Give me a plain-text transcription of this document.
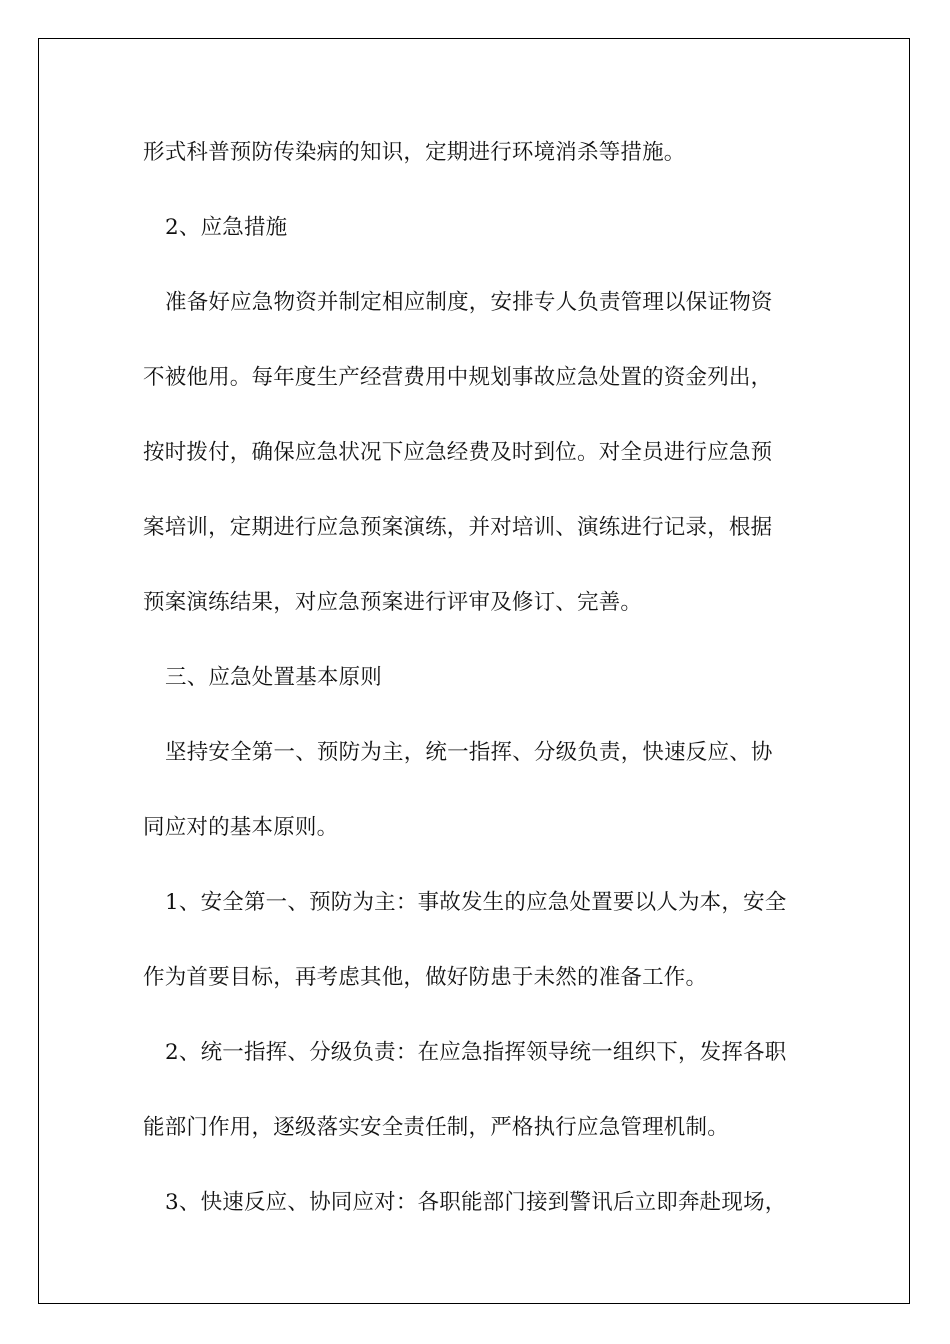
形式科普预防传染病的知识，定期进行环境消杀等措施。
2、应急措施
准备好应急物资并制定相应制度，安排专人负责管理以保证物资
不被他用。每年度生产经营费用中规划事故应急处置的资金列出，
按时拨付，确保应急状况下应急经费及时到位。对全员进行应急预
案培训，定期进行应急预案演练，并对培训、演练进行记录，根据
预案演练结果，对应急预案进行评审及修订、完善。
三、应急处置基本原则
坚持安全第一、预防为主，统一指挥、分级负责，快速反应、协
同应对的基本原则。
1、安全第一、预防为主：事故发生的应急处置要以人为本，安全
作为首要目标，再考虑其他，做好防患于未然的准备工作。
2、统一指挥、分级负责：在应急指挥领导统一组织下，发挥各职
能部门作用，逐级落实安全责任制，严格执行应急管理机制。
3、快速反应、协同应对：各职能部门接到警讯后立即奔赴现场，
